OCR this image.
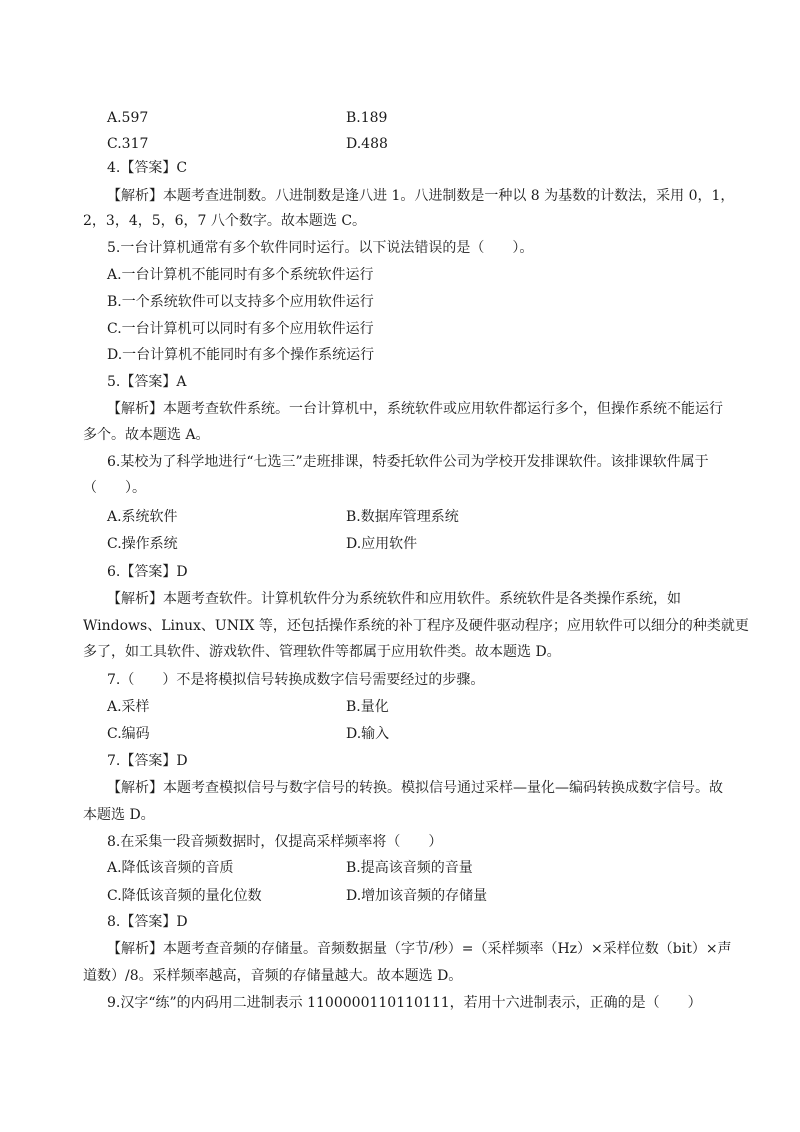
A.597	B.189
C.317	D.488
4.【答案】C
【解析】本题考查进制数。八进制数是逢八进 1。八进制数是一种以 8 为基数的计数法，采用 0，1，
2，3，4，5，6，7 八个数字。故本题选 C。
5.一台计算机通常有多个软件同时运行。以下说法错误的是（　　）。
A.一台计算机不能同时有多个系统软件运行
B.一个系统软件可以支持多个应用软件运行
C.一台计算机可以同时有多个应用软件运行
D.一台计算机不能同时有多个操作系统运行
5.【答案】A
【解析】本题考查软件系统。一台计算机中，系统软件或应用软件都运行多个，但操作系统不能运行
多个。故本题选 A。
6.某校为了科学地进行“七选三”走班排课，特委托软件公司为学校开发排课软件。该排课软件属于
（　　）。
A.系统软件	B.数据库管理系统
C.操作系统	D.应用软件
6.【答案】D
【解析】本题考查软件。计算机软件分为系统软件和应用软件。系统软件是各类操作系统，如
Windows、Linux、UNIX 等，还包括操作系统的补丁程序及硬件驱动程序；应用软件可以细分的种类就更
多了，如工具软件、游戏软件、管理软件等都属于应用软件类。故本题选 D。
7.（　　）不是将模拟信号转换成数字信号需要经过的步骤。
A.采样	B.量化
C.编码	D.输入
7.【答案】D
【解析】本题考查模拟信号与数字信号的转换。模拟信号通过采样—量化—编码转换成数字信号。故
本题选 D。
8.在采集一段音频数据时，仅提高采样频率将（　　）
A.降低该音频的音质	B.提高该音频的音量
C.降低该音频的量化位数	D.增加该音频的存储量
8.【答案】D
【解析】本题考查音频的存储量。音频数据量（字节/秒）=（采样频率（Hz）×采样位数（bit）×声
道数）/8。采样频率越高，音频的存储量越大。故本题选 D。
9.汉字“练”的内码用二进制表示 1100000110110111，若用十六进制表示，正确的是（　　）
